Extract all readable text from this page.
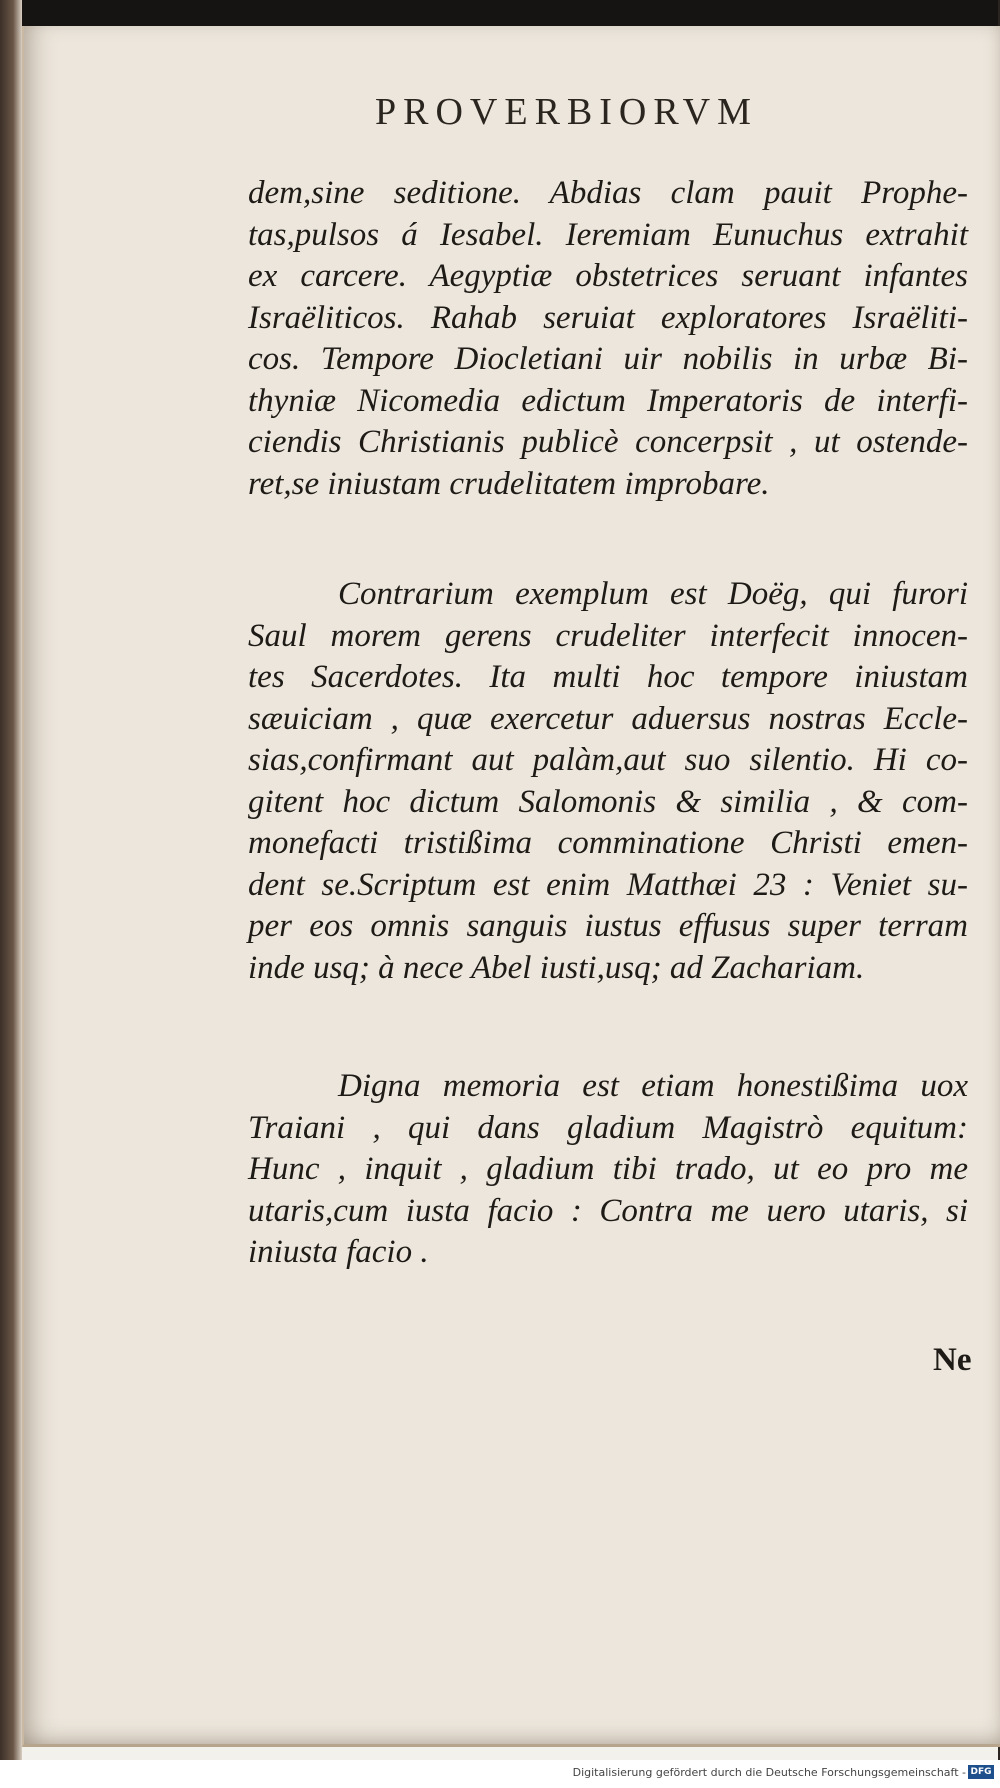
PROVERBIORVM
dem,sine seditione. Abdias clam pauit Prophe-
tas,pulsos á Iesabel. Ieremiam Eunuchus extrahit
ex carcere. Aegyptiæ obstetrices seruant infantes
Israëliticos. Rahab seruiat exploratores Israëliti-
cos. Tempore Diocletiani uir nobilis in urbæ Bi-
thyniæ Nicomedia edictum Imperatoris de interfi-
ciendis Christianis publicè concerpsit , ut ostende-
ret,se iniustam crudelitatem improbare.
Contrarium exemplum est Doëg, qui furori
Saul morem gerens crudeliter interfecit innocen-
tes Sacerdotes. Ita multi hoc tempore iniustam
sæuiciam , quæ exercetur aduersus nostras Eccle-
sias,confirmant aut palàm,aut suo silentio. Hi co-
gitent hoc dictum Salomonis & similia , & com-
monefacti tristißima comminatione Christi emen-
dent se.Scriptum est enim Matthæi 23 : Veniet su-
per eos omnis sanguis iustus effusus super terram
inde usq; à nece Abel iusti,usq; ad Zachariam.
Digna memoria est etiam honestißima uox
Traiani , qui dans gladium Magistrò equitum:
Hunc , inquit , gladium tibi trado, ut eo pro me
utaris,cum iusta facio : Contra me uero utaris, si
iniusta facio .
Ne
Digitalisierung gefördert durch die Deutsche Forschungsgemeinschaft - DFG
